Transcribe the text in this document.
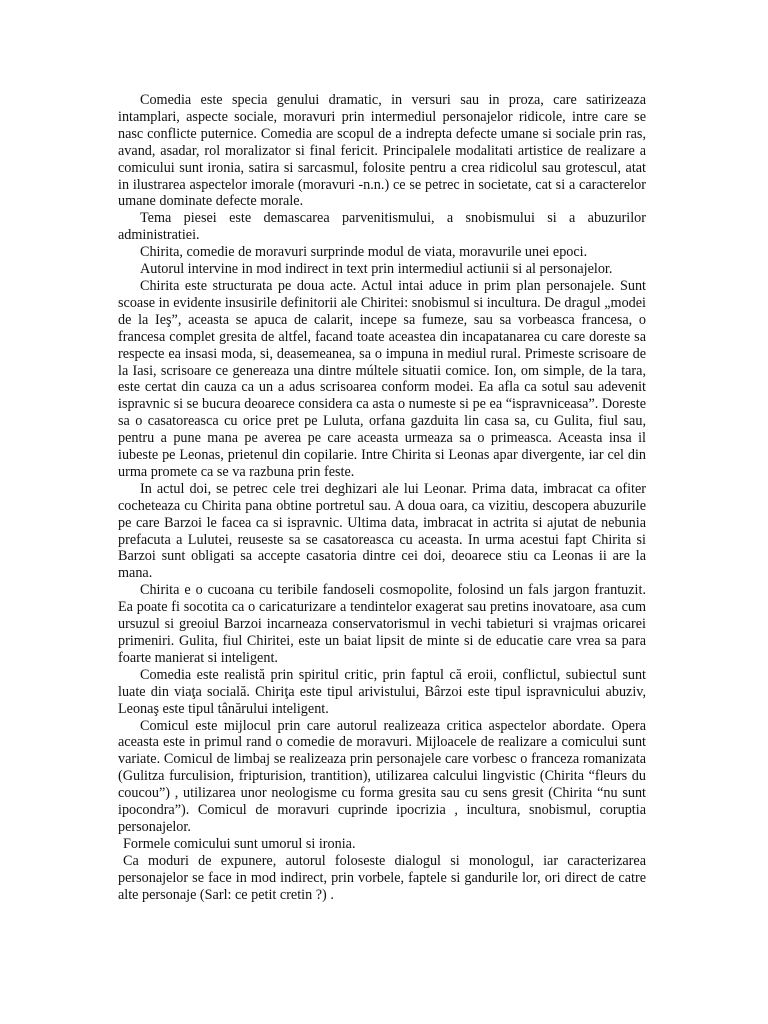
Comedia este specia genului dramatic, in versuri sau in proza, care satirizeaza intamplari, aspecte sociale, moravuri prin intermediul personajelor ridicole, intre care se nasc conflicte puternice. Comedia are scopul de a indrepta defecte umane si sociale prin ras, avand, asadar, rol moralizator si final fericit. Principalele modalitati artistice de realizare a comicului sunt ironia, satira si sarcasmul, folosite pentru a crea ridicolul sau grotescul, atat in ilustrarea aspectelor imorale (moravuri -n.n.) ce se petrec in societate, cat si a caracterelor umane dominate defecte morale.

Tema piesei este demascarea parvenitismului, a snobismului si a abuzurilor administratiei.

Chirita, comedie de moravuri surprinde modul de viata, moravurile unei epoci.

Autorul intervine in mod indirect in text prin intermediul actiunii si al personajelor.

Chirita este structurata pe doua acte. Actul intai aduce in prim plan personajele. Sunt scoase in evidente insusirile definitorii ale Chiritei: snobismul si incultura. De dragul „modei de la Ieş”, aceasta se apuca de calarit, incepe sa fumeze, sau sa vorbeasca francesa, o francesa complet gresita de altfel, facand toate aceastea din incapatanarea cu care doreste sa respecte ea insasi moda, si, deasemeanea, sa o impuna in mediul rural. Primeste scrisoare de la Iasi, scrisoare ce genereaza una dintre múltele situatii comice. Ion, om simple, de la tara, este certat din cauza ca un a adus scrisoarea conform modei. Ea afla ca sotul sau adevenit ispravnic si se bucura deoarece considera ca asta o numeste si pe ea “ispravniceasa”. Doreste sa o casatoreasca cu orice pret pe Luluta, orfana gazduita lin casa sa, cu Gulita, fiul sau, pentru a pune mana pe averea pe care aceasta urmeaza sa o primeasca. Aceasta insa il iubeste pe Leonas, prietenul din copilarie. Intre Chirita si Leonas apar divergente, iar cel din urma promete ca se va razbuna prin feste.

In actul doi, se petrec cele trei deghizari ale lui Leonar. Prima data, imbracat ca ofiter cocheteaza cu Chirita pana obtine portretul sau. A doua oara, ca vizitiu, descopera abuzurile pe care Barzoi le facea ca si ispravnic. Ultima data, imbracat in actrita si ajutat de nebunia prefacuta a Lulutei, reuseste sa se casatoreasca cu aceasta. In urma acestui fapt Chirita si Barzoi sunt obligati sa accepte casatoria dintre cei doi, deoarece stiu ca Leonas ii are la mana.

Chirita e o cucoana cu teribile fandoseli cosmopolite, folosind un fals jargon frantuzit. Ea poate fi socotita ca o caricaturizare a tendintelor exagerat sau pretins inovatoare, asa cum ursuzul si greoiul Barzoi incarneaza conservatorismul in vechi tabieturi si vrajmas oricarei primeniri. Gulita, fiul Chiritei, este un baiat lipsit de minte si de educatie care vrea sa para foarte manierat si inteligent.

Comedia este realistă prin spiritul critic, prin faptul că eroii, conflictul, subiectul sunt luate din viaţa socială. Chiriţa este tipul arivistului, Bârzoi este tipul ispravnicului abuziv, Leonaş este tipul tânărului inteligent.

Comicul este mijlocul prin care autorul realizeaza critica aspectelor abordate. Opera aceasta este in primul rand o comedie de moravuri. Mijloacele de realizare a comicului sunt variate. Comicul de limbaj se realizeaza prin personajele care vorbesc o franceza romanizata (Gulitza furculision, fripturision, trantition), utilizarea calcului lingvistic (Chirita “fleurs du coucou”) , utilizarea unor neologisme cu forma gresita sau cu sens gresit (Chirita “nu sunt ipocondra”). Comicul de moravuri cuprinde ipocrizia , incultura, snobismul, coruptia personajelor.

Formele comicului sunt umorul si ironia.

Ca moduri de expunere, autorul foloseste dialogul si monologul, iar caracterizarea personajelor se face in mod indirect, prin vorbele, faptele si gandurile lor, ori direct de catre alte personaje (Sarl: ce petit cretin ?) .
